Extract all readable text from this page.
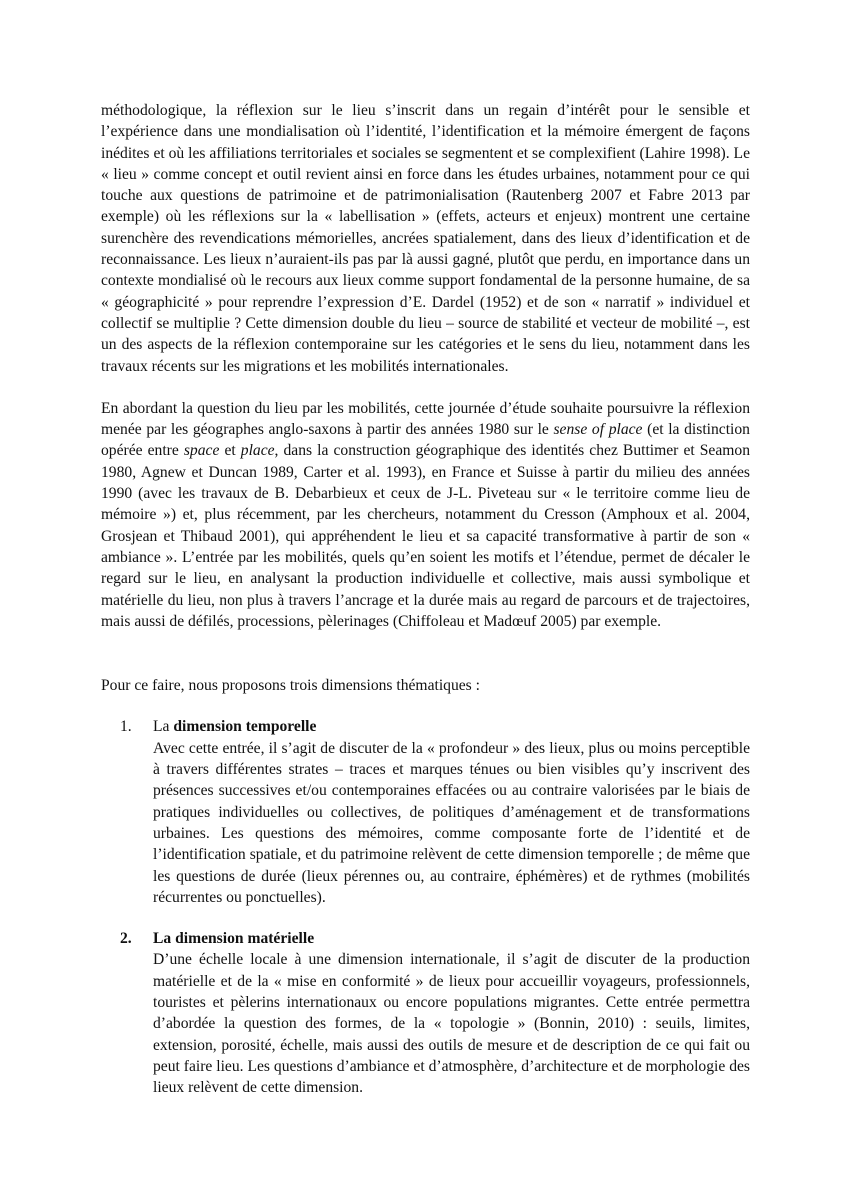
méthodologique, la réflexion sur le lieu s’inscrit dans un regain d’intérêt pour le sensible et l’expérience dans une mondialisation où l’identité, l’identification et la mémoire émergent de façons inédites et où les affiliations territoriales et sociales se segmentent et se complexifient (Lahire 1998). Le « lieu » comme concept et outil revient ainsi en force dans les études urbaines, notamment pour ce qui touche aux questions de patrimoine et de patrimonialisation (Rautenberg 2007 et Fabre 2013 par exemple) où les réflexions sur la « labellisation » (effets, acteurs et enjeux) montrent une certaine surenchère des revendications mémorielles, ancrées spatialement, dans des lieux d’identification et de reconnaissance. Les lieux n’auraient-ils pas par là aussi gagné, plutôt que perdu, en importance dans un contexte mondialisé où le recours aux lieux comme support fondamental de la personne humaine, de sa « géographicité » pour reprendre l’expression d’E. Dardel (1952) et de son « narratif » individuel et collectif se multiplie ? Cette dimension double du lieu – source de stabilité et vecteur de mobilité –, est un des aspects de la réflexion contemporaine sur les catégories et le sens du lieu, notamment dans les travaux récents sur les migrations et les mobilités internationales.

En abordant la question du lieu par les mobilités, cette journée d’étude souhaite poursuivre la réflexion menée par les géographes anglo-saxons à partir des années 1980 sur le sense of place (et la distinction opérée entre space et place, dans la construction géographique des identités chez Buttimer et Seamon 1980, Agnew et Duncan 1989, Carter et al. 1993), en France et Suisse à partir du milieu des années 1990 (avec les travaux de B. Debarbieux et ceux de J-L. Piveteau sur « le territoire comme lieu de mémoire ») et, plus récemment, par les chercheurs, notamment du Cresson (Amphoux et al. 2004, Grosjean et Thibaud 2001), qui appréhendent le lieu et sa capacité transformative à partir de son « ambiance ». L’entrée par les mobilités, quels qu’en soient les motifs et l’étendue, permet de décaler le regard sur le lieu, en analysant la production individuelle et collective, mais aussi symbolique et matérielle du lieu, non plus à travers l’ancrage et la durée mais au regard de parcours et de trajectoires, mais aussi de défilés, processions, pèlerinages (Chiffoleau et Madœuf 2005) par exemple.

Pour ce faire, nous proposons trois dimensions thématiques :

1. La dimension temporelle

Avec cette entrée, il s’agit de discuter de la « profondeur » des lieux, plus ou moins perceptible à travers différentes strates – traces et marques ténues ou bien visibles qu’y inscrivent des présences successives et/ou contemporaines effacées ou au contraire valorisées par le biais de pratiques individuelles ou collectives, de politiques d’aménagement et de transformations urbaines. Les questions des mémoires, comme composante forte de l’identité et de l’identification spatiale, et du patrimoine relèvent de cette dimension temporelle ; de même que les questions de durée (lieux pérennes ou, au contraire, éphémères) et de rythmes (mobilités récurrentes ou ponctuelles).

2. La dimension matérielle

D’une échelle locale à une dimension internationale, il s’agit de discuter de la production matérielle et de la « mise en conformité » de lieux pour accueillir voyageurs, professionnels, touristes et pèlerins internationaux ou encore populations migrantes. Cette entrée permettra d’abordée la question des formes, de la « topologie » (Bonnin, 2010) : seuils, limites, extension, porosité, échelle, mais aussi des outils de mesure et de description de ce qui fait ou peut faire lieu. Les questions d’ambiance et d’atmosphère, d’architecture et de morphologie des lieux relèvent de cette dimension.
